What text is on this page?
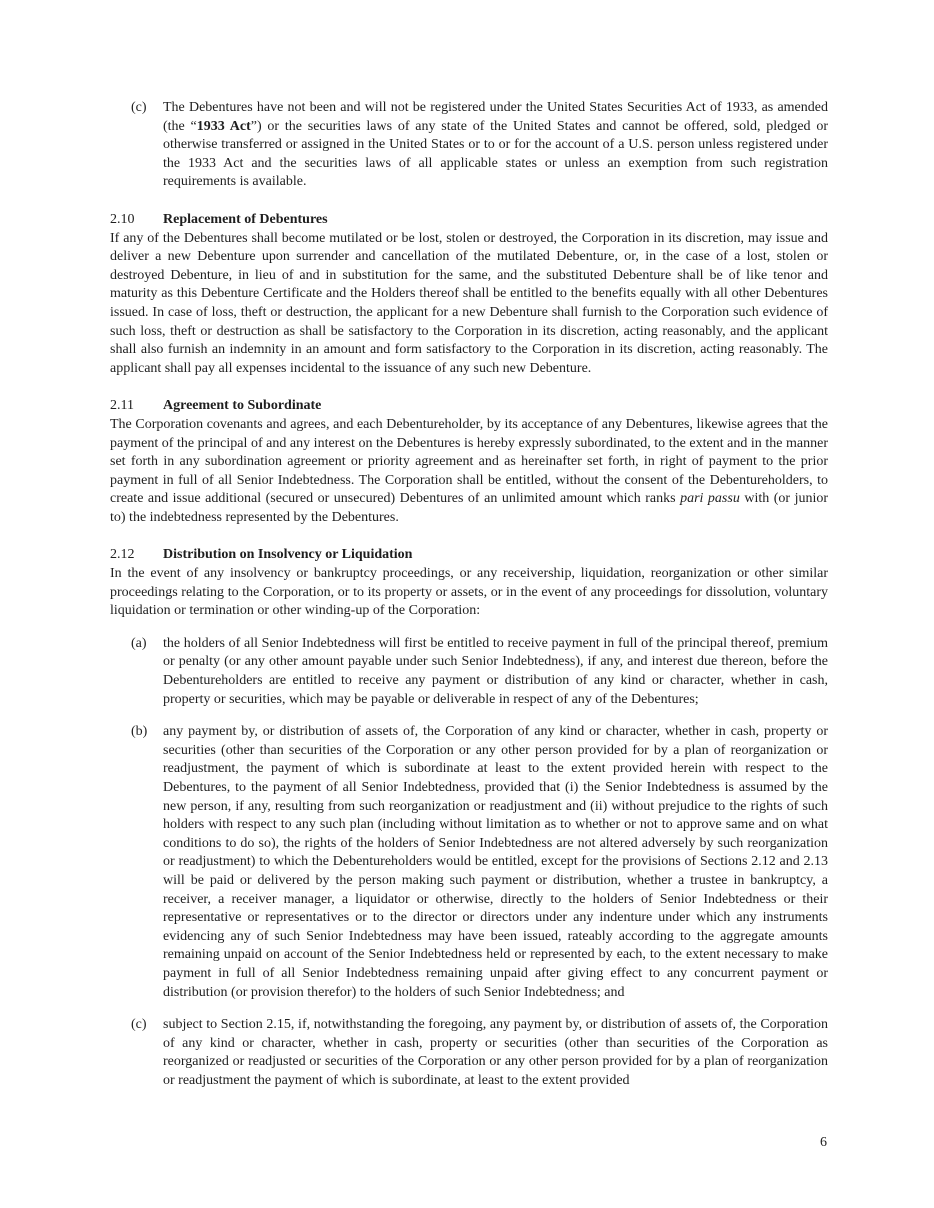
(c)	The Debentures have not been and will not be registered under the United States Securities Act of 1933, as amended (the “1933 Act”) or the securities laws of any state of the United States and cannot be offered, sold, pledged or otherwise transferred or assigned in the United States or to or for the account of a U.S. person unless registered under the 1933 Act and the securities laws of all applicable states or unless an exemption from such registration requirements is available.

2.10 Replacement of Debentures

If any of the Debentures shall become mutilated or be lost, stolen or destroyed, the Corporation in its discretion, may issue and deliver a new Debenture upon surrender and cancellation of the mutilated Debenture, or, in the case of a lost, stolen or destroyed Debenture, in lieu of and in substitution for the same, and the substituted Debenture shall be of like tenor and maturity as this Debenture Certificate and the Holders thereof shall be entitled to the benefits equally with all other Debentures issued. In case of loss, theft or destruction, the applicant for a new Debenture shall furnish to the Corporation such evidence of such loss, theft or destruction as shall be satisfactory to the Corporation in its discretion, acting reasonably, and the applicant shall also furnish an indemnity in an amount and form satisfactory to the Corporation in its discretion, acting reasonably. The applicant shall pay all expenses incidental to the issuance of any such new Debenture.

2.11 Agreement to Subordinate

The Corporation covenants and agrees, and each Debentureholder, by its acceptance of any Debentures, likewise agrees that the payment of the principal of and any interest on the Debentures is hereby expressly subordinated, to the extent and in the manner set forth in any subordination agreement or priority agreement and as hereinafter set forth, in right of payment to the prior payment in full of all Senior Indebtedness. The Corporation shall be entitled, without the consent of the Debentureholders, to create and issue additional (secured or unsecured) Debentures of an unlimited amount which ranks pari passu with (or junior to) the indebtedness represented by the Debentures.

2.12 Distribution on Insolvency or Liquidation

In the event of any insolvency or bankruptcy proceedings, or any receivership, liquidation, reorganization or other similar proceedings relating to the Corporation, or to its property or assets, or in the event of any proceedings for dissolution, voluntary liquidation or termination or other winding-up of the Corporation:

(a)	the holders of all Senior Indebtedness will first be entitled to receive payment in full of the principal thereof, premium or penalty (or any other amount payable under such Senior Indebtedness), if any, and interest due thereon, before the Debentureholders are entitled to receive any payment or distribution of any kind or character, whether in cash, property or securities, which may be payable or deliverable in respect of any of the Debentures;

(b)	any payment by, or distribution of assets of, the Corporation of any kind or character, whether in cash, property or securities (other than securities of the Corporation or any other person provided for by a plan of reorganization or readjustment, the payment of which is subordinate at least to the extent provided herein with respect to the Debentures, to the payment of all Senior Indebtedness, provided that (i) the Senior Indebtedness is assumed by the new person, if any, resulting from such reorganization or readjustment and (ii) without prejudice to the rights of such holders with respect to any such plan (including without limitation as to whether or not to approve same and on what conditions to do so), the rights of the holders of Senior Indebtedness are not altered adversely by such reorganization or readjustment) to which the Debentureholders would be entitled, except for the provisions of Sections 2.12 and 2.13 will be paid or delivered by the person making such payment or distribution, whether a trustee in bankruptcy, a receiver, a receiver manager, a liquidator or otherwise, directly to the holders of Senior Indebtedness or their representative or representatives or to the director or directors under any indenture under which any instruments evidencing any of such Senior Indebtedness may have been issued, rateably according to the aggregate amounts remaining unpaid on account of the Senior Indebtedness held or represented by each, to the extent necessary to make payment in full of all Senior Indebtedness remaining unpaid after giving effect to any concurrent payment or distribution (or provision therefor) to the holders of such Senior Indebtedness; and

(c)	subject to Section 2.15, if, notwithstanding the foregoing, any payment by, or distribution of assets of, the Corporation of any kind or character, whether in cash, property or securities (other than securities of the Corporation as reorganized or readjusted or securities of the Corporation or any other person provided for by a plan of reorganization or readjustment the payment of which is subordinate, at least to the extent provided

6
